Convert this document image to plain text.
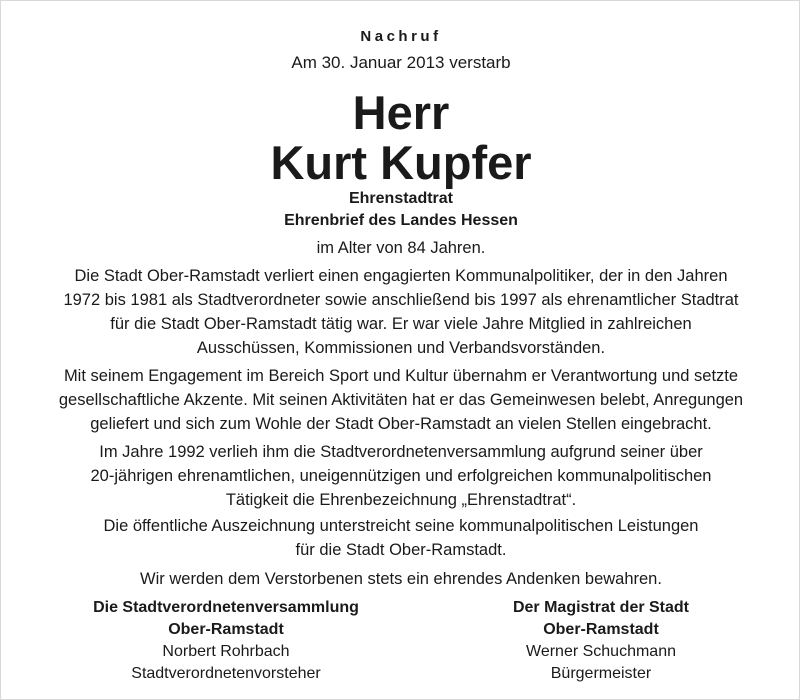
Nachruf
Am 30. Januar 2013 verstarb
Herr
Kurt Kupfer
Ehrenstadtrat
Ehrenbrief des Landes Hessen
im Alter von 84 Jahren.
Die Stadt Ober-Ramstadt verliert einen engagierten Kommunalpolitiker, der in den Jahren
1972 bis 1981 als Stadtverordneter sowie anschließend bis 1997 als ehrenamtlicher Stadtrat
für die Stadt Ober-Ramstadt tätig war. Er war viele Jahre Mitglied in zahlreichen
Ausschüssen, Kommissionen und Verbandsvorständen.
Mit seinem Engagement im Bereich Sport und Kultur übernahm er Verantwortung und setzte
gesellschaftliche Akzente. Mit seinen Aktivitäten hat er das Gemeinwesen belebt, Anregungen
geliefert und sich zum Wohle der Stadt Ober-Ramstadt an vielen Stellen eingebracht.
Im Jahre 1992 verlieh ihm die Stadtverordnetenversammlung aufgrund seiner über
20-jährigen ehrenamtlichen, uneigennützigen und erfolgreichen kommunalpolitischen
Tätigkeit die Ehrenbezeichnung „Ehrenstadtrat“.
Die öffentliche Auszeichnung unterstreicht seine kommunalpolitischen Leistungen
für die Stadt Ober-Ramstadt.
Wir werden dem Verstorbenen stets ein ehrendes Andenken bewahren.
Die Stadtverordnetenversammlung
Ober-Ramstadt
Norbert Rohrbach
Stadtverordnetenvorsteher
Der Magistrat der Stadt
Ober-Ramstadt
Werner Schuchmann
Bürgermeister
